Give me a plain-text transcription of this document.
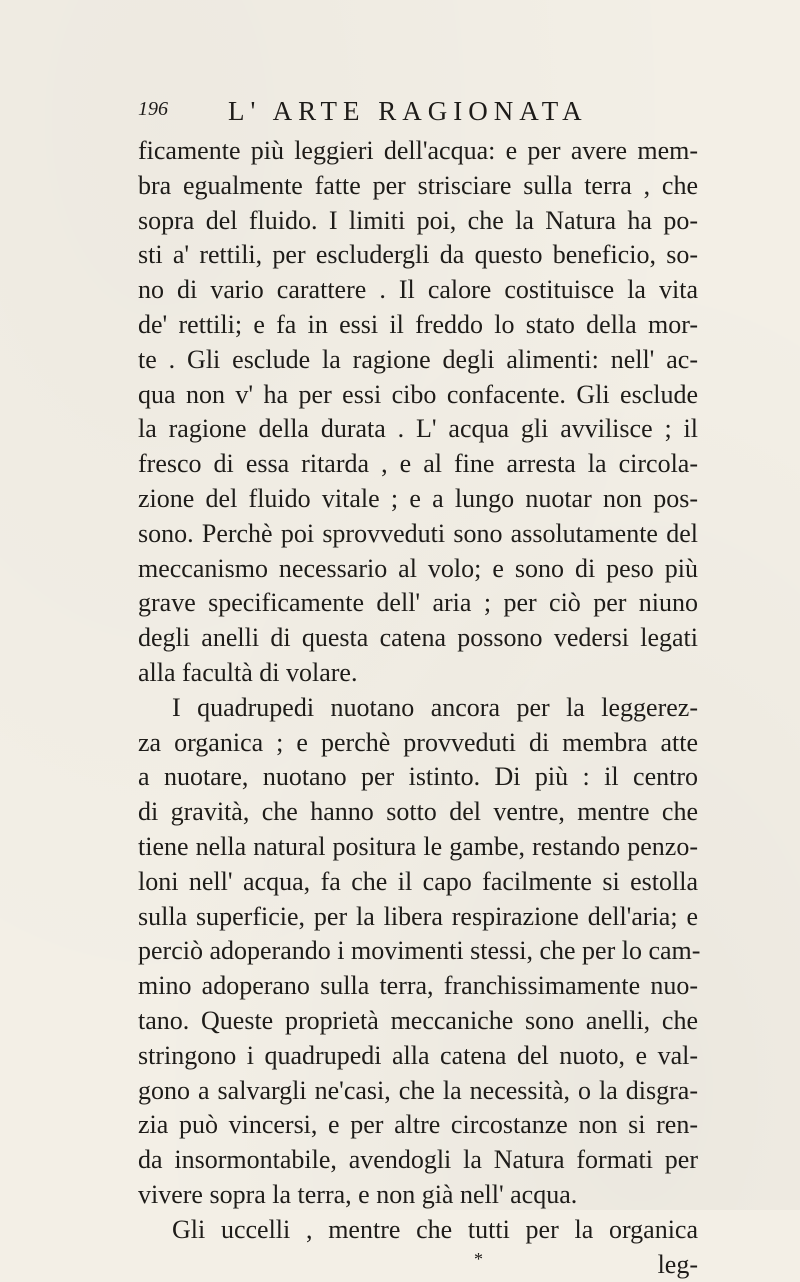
196 L' ARTE RAGIONATA
ficamente più leggieri dell'acqua: e per avere mem-
bra egualmente fatte per strisciare sulla terra , che
sopra del fluido. I limiti poi, che la Natura ha po-
sti a' rettili, per escludergli da questo beneficio, so-
no di vario carattere . Il calore costituisce la vita
de' rettili; e fa in essi il freddo lo stato della mor-
te . Gli esclude la ragione degli alimenti: nell' ac-
qua non v' ha per essi cibo confacente. Gli esclude
la ragione della durata . L' acqua gli avvilisce ; il
fresco di essa ritarda , e al fine arresta la circola-
zione del fluido vitale ; e a lungo nuotar non pos-
sono. Perchè poi sprovveduti sono assolutamente del
meccanismo necessario al volo; e sono di peso più
grave specificamente dell' aria ; per ciò per niuno
degli anelli di questa catena possono vedersi legati
alla facultà di volare.
I quadrupedi nuotano ancora per la leggerez-
za organica ; e perchè provveduti di membra atte
a nuotare, nuotano per istinto. Di più : il centro
di gravità, che hanno sotto del ventre, mentre che
tiene nella natural positura le gambe, restando penzo-
loni nell' acqua, fa che il capo facilmente si estolla
sulla superficie, per la libera respirazione dell'aria; e
perciò adoperando i movimenti stessi, che per lo cam-
mino adoperano sulla terra, franchissimamente nuo-
tano. Queste proprietà meccaniche sono anelli, che
stringono i quadrupedi alla catena del nuoto, e val-
gono a salvargli ne'casi, che la necessità, o la disgra-
zia può vincersi, e per altre circostanze non si ren-
da insormontabile, avendogli la Natura formati per
vivere sopra la terra, e non già nell' acqua.
Gli uccelli , mentre che tutti per la organica
*	leg-
